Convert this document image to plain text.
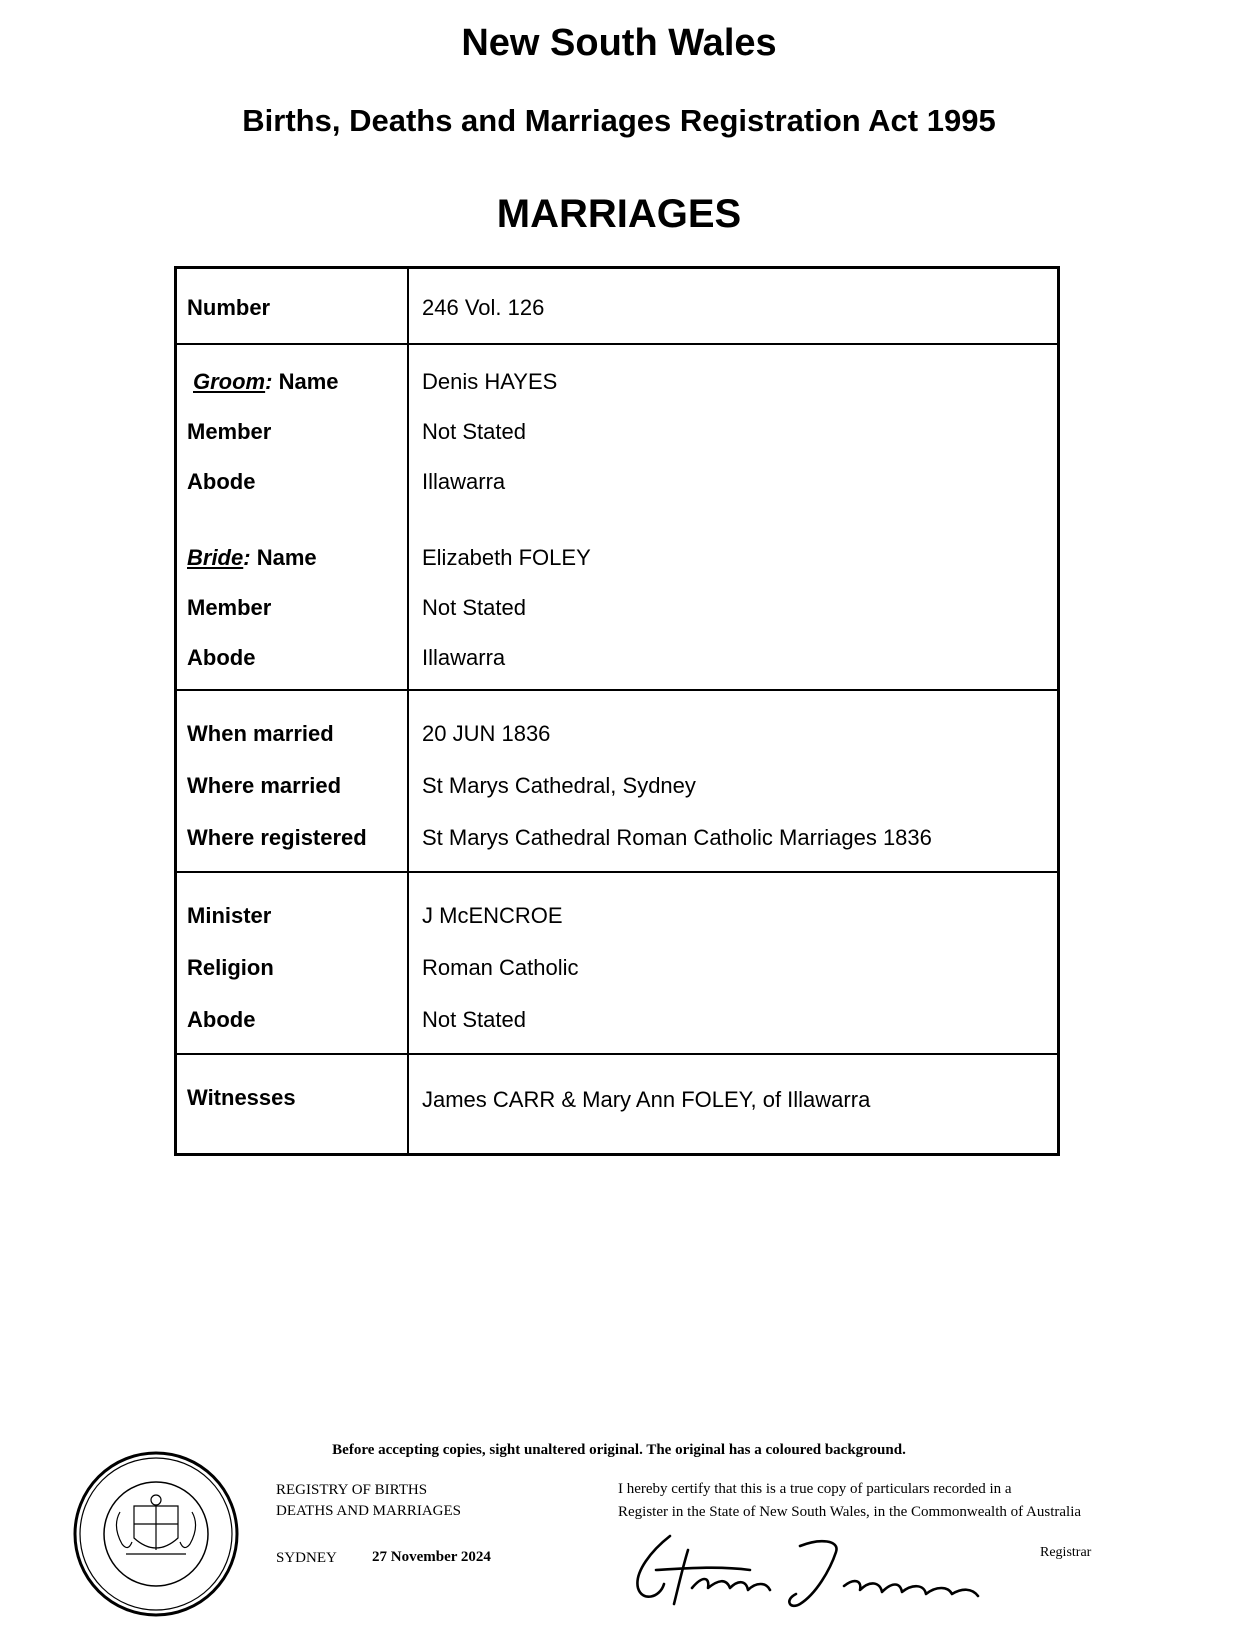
New South Wales
Births, Deaths and Marriages Registration Act 1995
MARRIAGES
Number	246 Vol. 126
Groom: Name	Denis HAYES
Member	Not Stated
Abode	Illawarra
Bride: Name	Elizabeth FOLEY
Member	Not Stated
Abode	Illawarra
When married	20 JUN 1836
Where married	St Marys Cathedral, Sydney
Where registered	St Marys Cathedral Roman Catholic Marriages 1836
Minister	J McENCROE
Religion	Roman Catholic
Abode	Not Stated
Witnesses	James CARR & Mary Ann FOLEY, of Illawarra
Before accepting copies, sight unaltered original. The original has a coloured background.
REGISTRY OF BIRTHS
DEATHS AND MARRIAGES
SYDNEY 27 November 2024
I hereby certify that this is a true copy of particulars recorded in a
Register in the State of New South Wales, in the Commonwealth of Australia
Registrar
